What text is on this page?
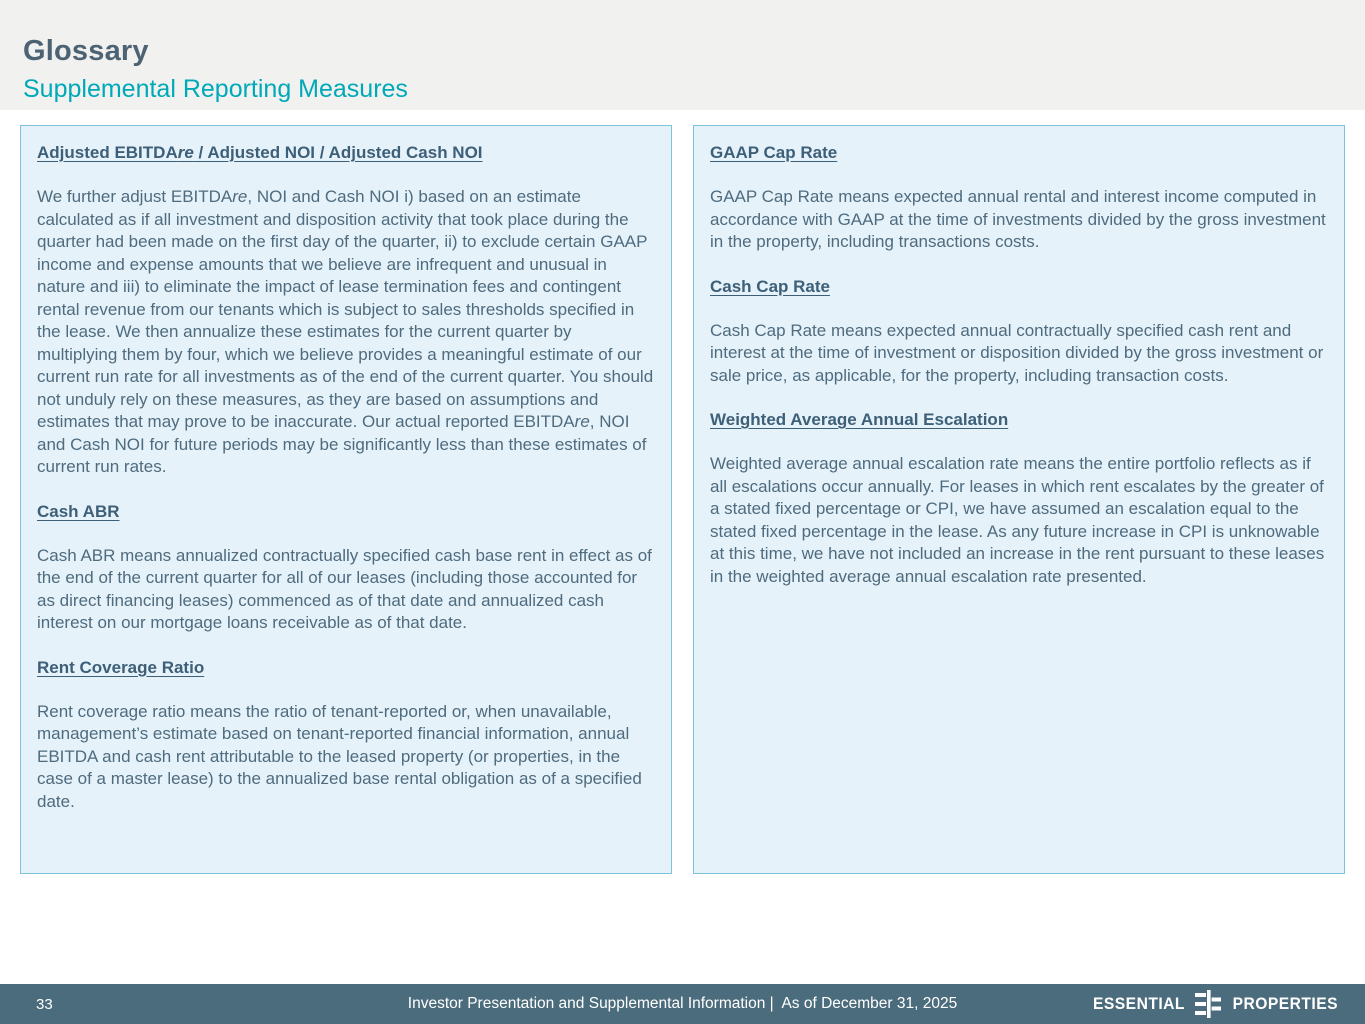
Glossary
Supplemental Reporting Measures
Adjusted EBITDAre / Adjusted NOI / Adjusted Cash NOI

We further adjust EBITDAre, NOI and Cash NOI i) based on an estimate calculated as if all investment and disposition activity that took place during the quarter had been made on the first day of the quarter, ii) to exclude certain GAAP income and expense amounts that we believe are infrequent and unusual in nature and iii) to eliminate the impact of lease termination fees and contingent rental revenue from our tenants which is subject to sales thresholds specified in the lease. We then annualize these estimates for the current quarter by multiplying them by four, which we believe provides a meaningful estimate of our current run rate for all investments as of the end of the current quarter. You should not unduly rely on these measures, as they are based on assumptions and estimates that may prove to be inaccurate. Our actual reported EBITDAre, NOI and Cash NOI for future periods may be significantly less than these estimates of current run rates.

Cash ABR

Cash ABR means annualized contractually specified cash base rent in effect as of the end of the current quarter for all of our leases (including those accounted for as direct financing leases) commenced as of that date and annualized cash interest on our mortgage loans receivable as of that date.

Rent Coverage Ratio

Rent coverage ratio means the ratio of tenant-reported or, when unavailable, management’s estimate based on tenant-reported financial information, annual EBITDA and cash rent attributable to the leased property (or properties, in the case of a master lease) to the annualized base rental obligation as of a specified date.

GAAP Cap Rate

GAAP Cap Rate means expected annual rental and interest income computed in accordance with GAAP at the time of investments divided by the gross investment in the property, including transactions costs.

Cash Cap Rate

Cash Cap Rate means expected annual contractually specified cash rent and interest at the time of investment or disposition divided by the gross investment or sale price, as applicable, for the property, including transaction costs.

Weighted Average Annual Escalation

Weighted average annual escalation rate means the entire portfolio reflects as if all escalations occur annually. For leases in which rent escalates by the greater of a stated fixed percentage or CPI, we have assumed an escalation equal to the stated fixed percentage in the lease. As any future increase in CPI is unknowable at this time, we have not included an increase in the rent pursuant to these leases in the weighted average annual escalation rate presented.

33	Investor Presentation and Supplemental Information |  As of December 31, 2025	ESSENTIAL	PROPERTIES
